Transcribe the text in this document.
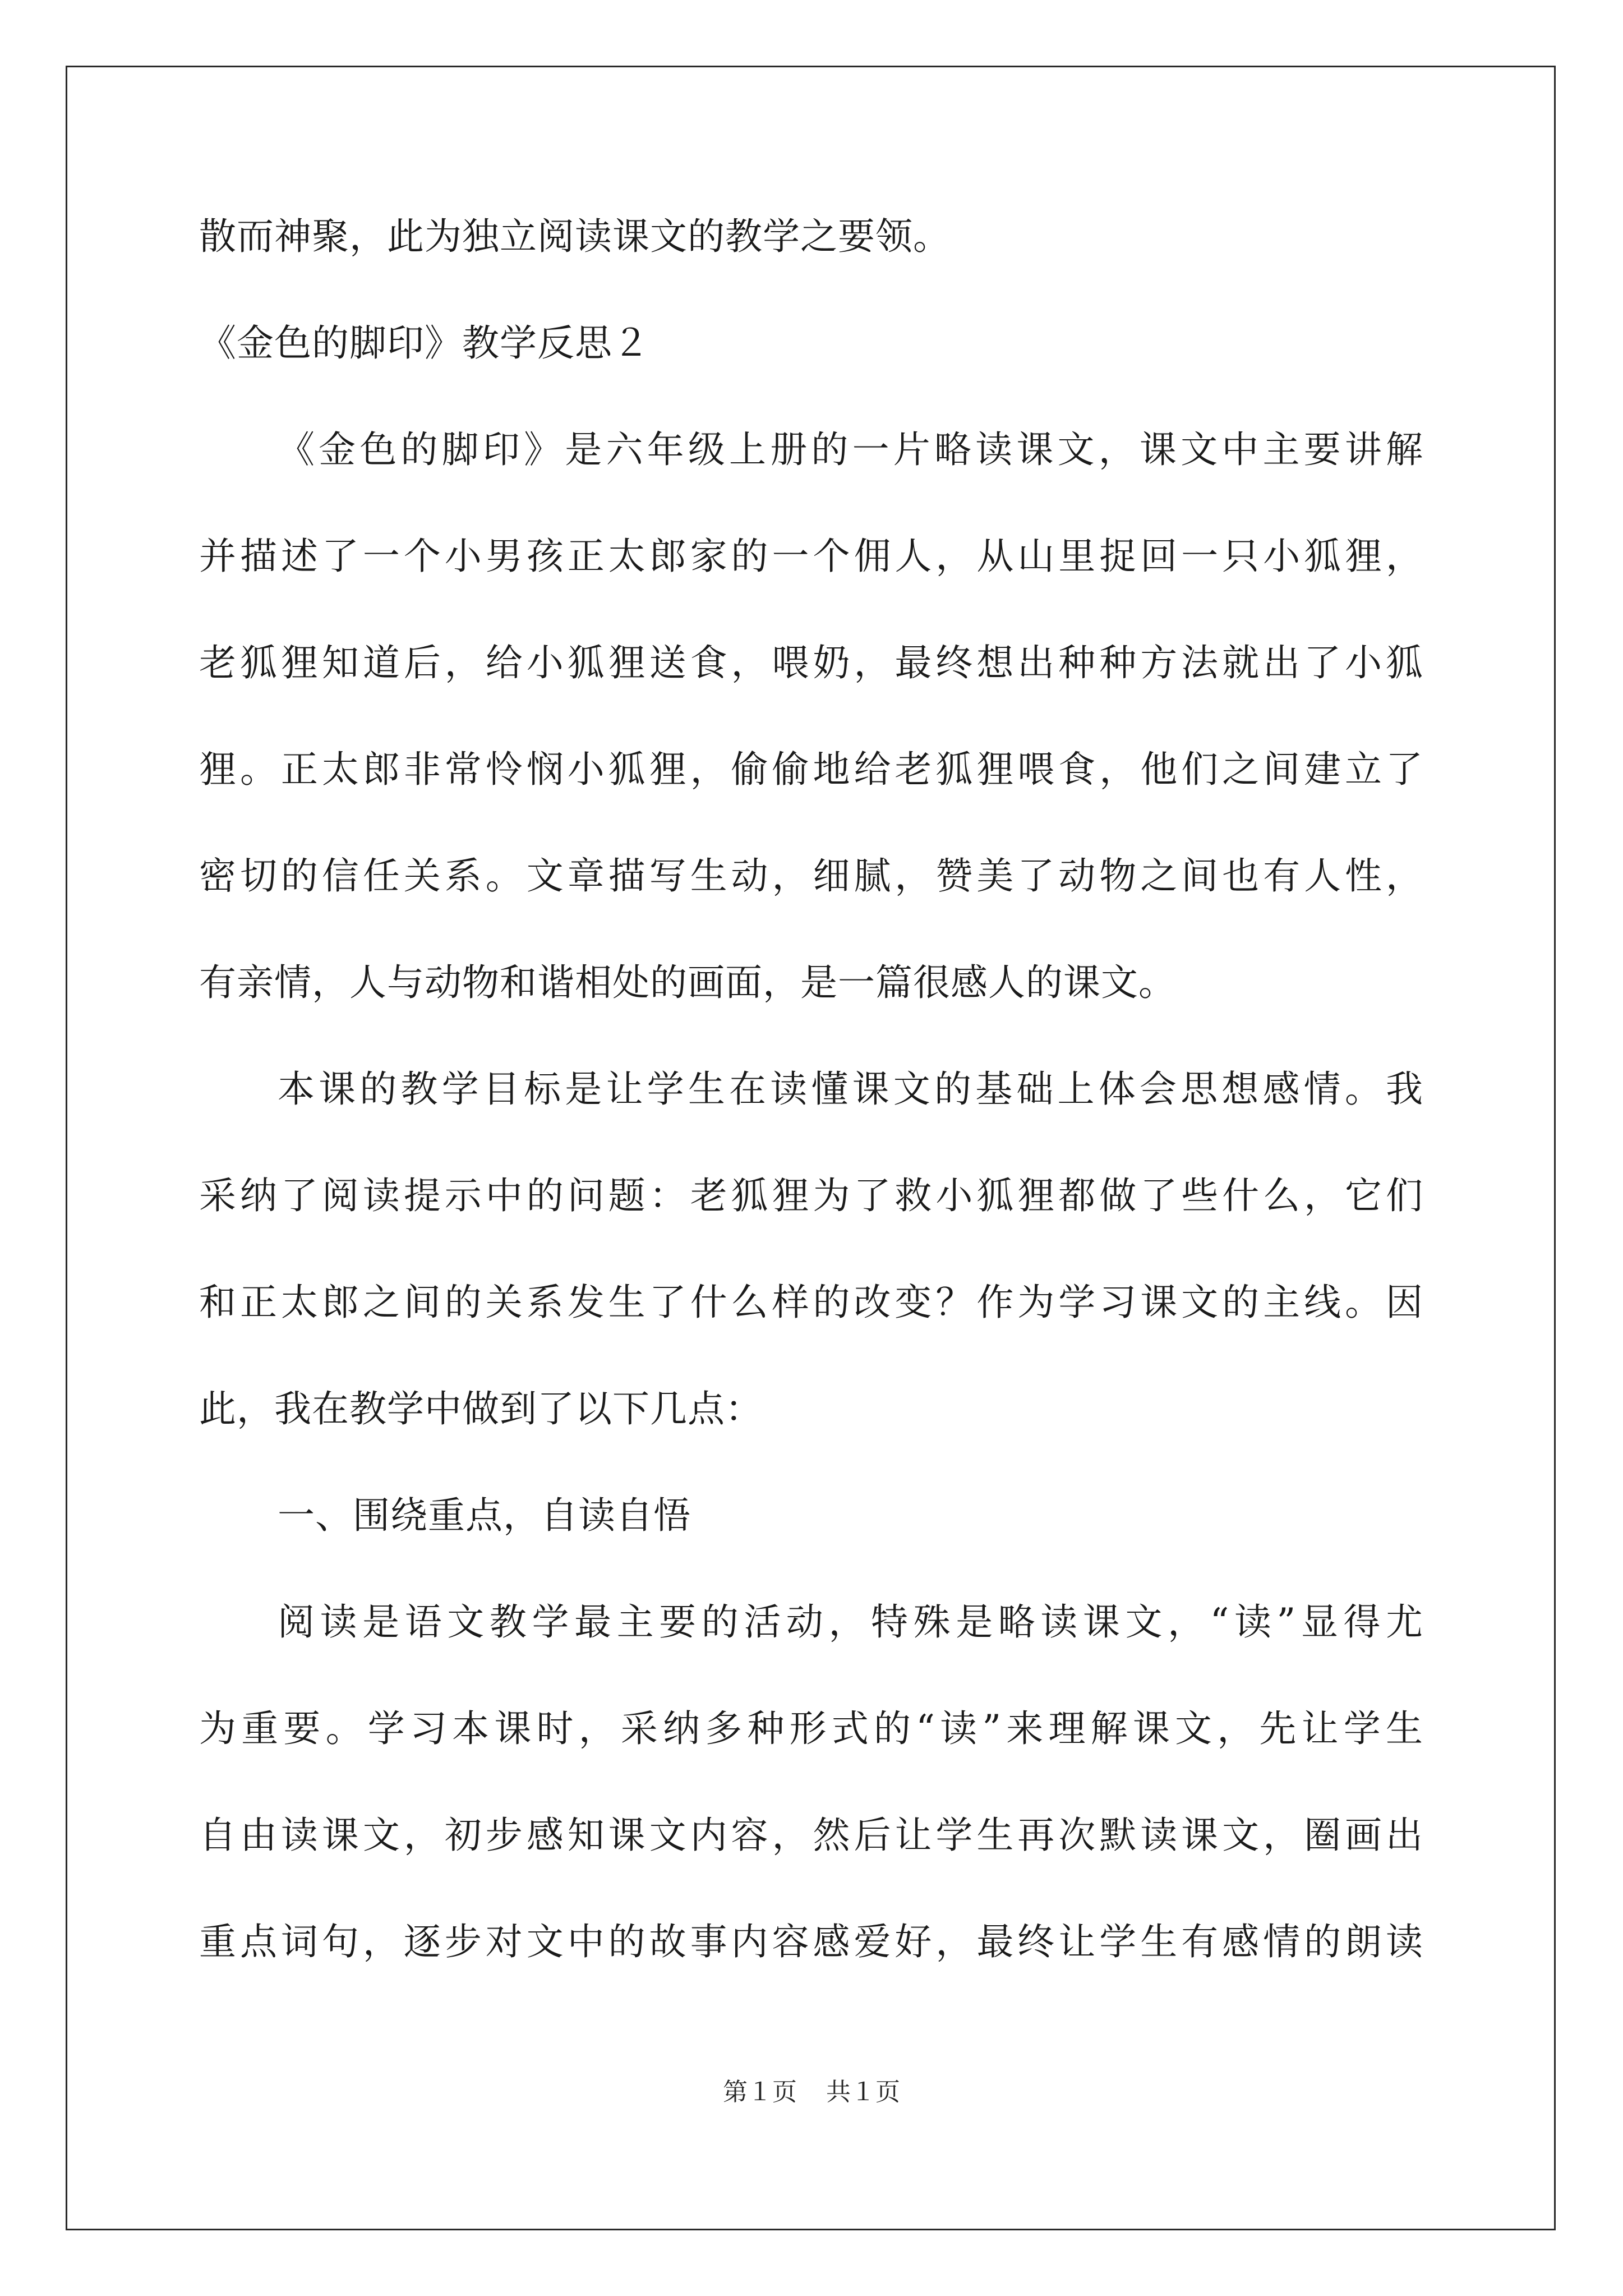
散而神聚，此为独立阅读课文的教学之要领。
《金色的脚印》教学反思２
《金色的脚印》是六年级上册的一片略读课文，课文中主要讲解
并描述了一个小男孩正太郎家的一个佣人，从山里捉回一只小狐狸，
老狐狸知道后，给小狐狸送食，喂奶，最终想出种种方法就出了小狐
狸。正太郎非常怜悯小狐狸，偷偷地给老狐狸喂食，他们之间建立了
密切的信任关系。文章描写生动，细腻，赞美了动物之间也有人性，
有亲情，人与动物和谐相处的画面，是一篇很感人的课文。
本课的教学目标是让学生在读懂课文的基础上体会思想感情。我
采纳了阅读提示中的问题：老狐狸为了救小狐狸都做了些什么，它们
和正太郎之间的关系发生了什么样的改变？作为学习课文的主线。因
此，我在教学中做到了以下几点：
一、围绕重点，自读自悟
阅读是语文教学最主要的活动，特殊是略读课文，“读”显得尤
为重要。学习本课时，采纳多种形式的“读”来理解课文，先让学生
自由读课文，初步感知课文内容，然后让学生再次默读课文，圈画出
重点词句，逐步对文中的故事内容感爱好，最终让学生有感情的朗读
第１页 共１页
